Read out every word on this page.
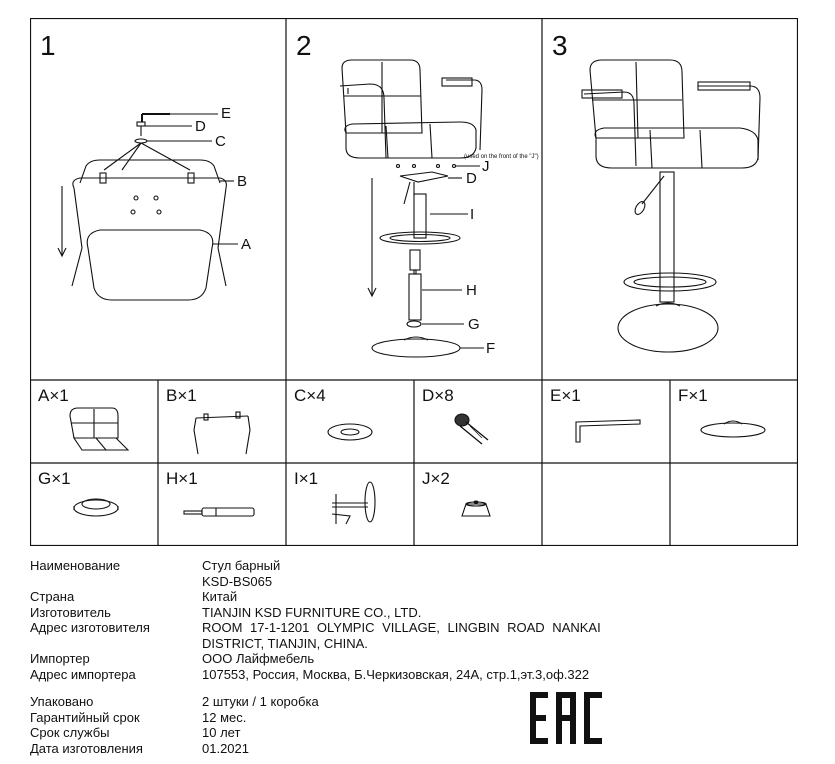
1	2	3
E
D
C
B
A
(used on the front of the "J")
J
D
I
H
G
F
A×1	B×1	C×4	D×8	E×1	F×1
G×1	H×1	I×1	J×2
Наименование	Стул барный
KSD-BS065
Страна	Китай
Изготовитель	TIANJIN KSD FURNITURE CO., LTD.
Адрес изготовителя	ROOM 17-1-1201 OLYMPIC VILLAGE, LINGBIN ROAD NANKAI
DISTRICT, TIANJIN, CHINA.
Импортер	ООО Лайфмебель
Адрес импортера	107553, Россия, Москва, Б.Черкизовская, 24А, стр.1,эт.3,оф.322
Упаковано	2 штуки / 1 коробка
Гарантийный срок	12 мес.
Срок службы	10 лет
Дата изготовления	01.2021
